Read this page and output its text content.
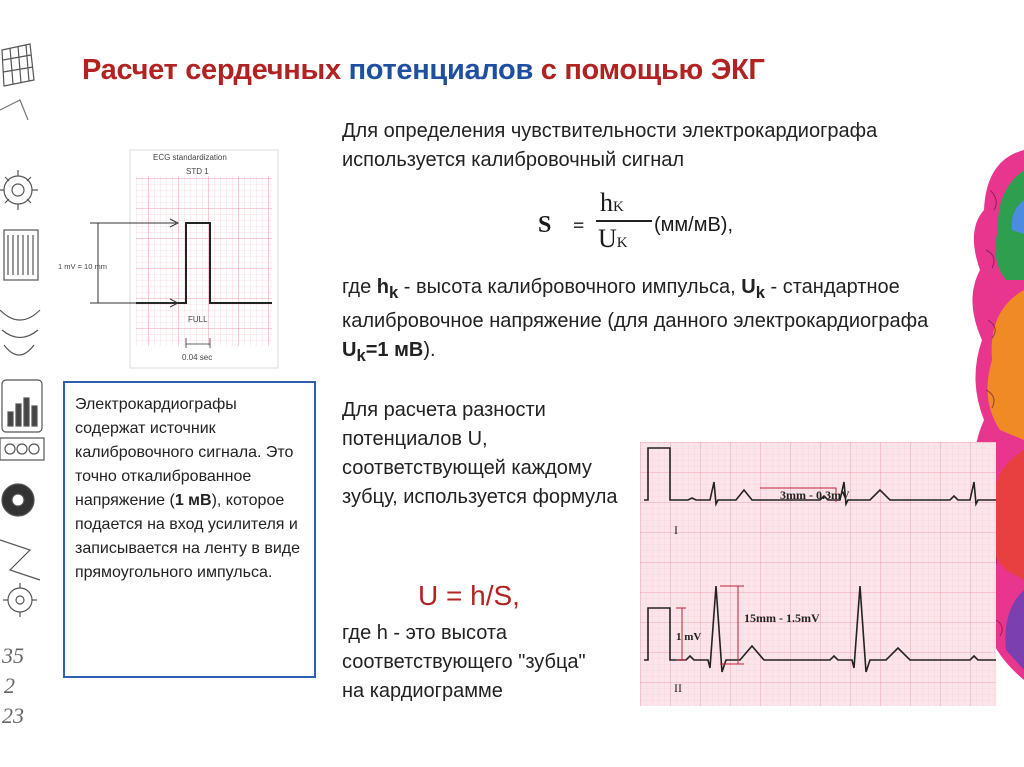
35
2
23
Расчет сердечных потенциалов с помощью ЭКГ
ECG standardization
STD 1
1 mV = 10 mm
FULL
0.04 sec
Для определения чувствительности электрокардиографа используется калибровочный сигнал
S =
hK
UK
(мм/мВ),
где $h_k$ - высота калибровочного импульса, $U_k$ - стандартное калибровочное напряжение (для данного электрокардиографа $U_k=1$ мВ).
Электрокардиографы содержат источник калибровочного сигнала. Это точно откалиброванное напряжение (1 мВ), которое подается на вход усилителя и записывается на ленту в виде прямоугольного импульса.
Для расчета разности потенциалов U, соответствующей каждому зубцу, используется формула
U = h/S,
где h - это высота соответствующего "зубца" на кардиограмме
I
3mm - 0.3mV
1 mV
15mm - 1.5mV
II
